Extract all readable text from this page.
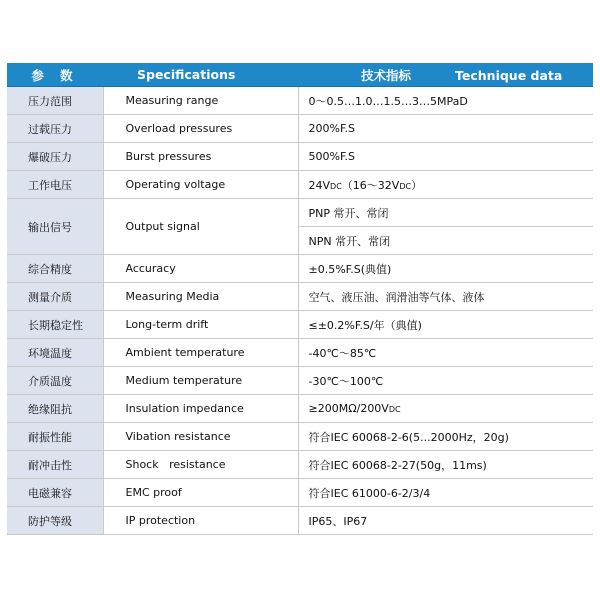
参 数	Specifications	技术指标 Technique data
压力范围	Measuring range	0～0.5…1.0…1.5…3…5MPaD
过载压力	Overload pressures	200%F.S
爆破压力	Burst pressures	500%F.S
工作电压	Operating voltage	24VDC（16～32VDC）
输出信号	Output signal	PNP 常开、常闭
		NPN 常开、常闭
综合精度	Accuracy	±0.5%F.S(典值)
测量介质	Measuring Media	空气、液压油、润滑油等气体、液体
长期稳定性	Long-term drift	≤±0.2%F.S/年（典值)
环境温度	Ambient temperature	-40℃～85℃
介质温度	Medium temperature	-30℃～100℃
绝缘阻抗	Insulation impedance	≥200MΩ/200VDC
耐振性能	Vibation resistance	符合IEC 60068-2-6(5...2000Hz，20g)
耐冲击性	Shock   resistance	符合IEC 60068-2-27(50g，11ms)
电磁兼容	EMC proof	符合IEC 61000-6-2/3/4
防护等级	IP protection	IP65、IP67
